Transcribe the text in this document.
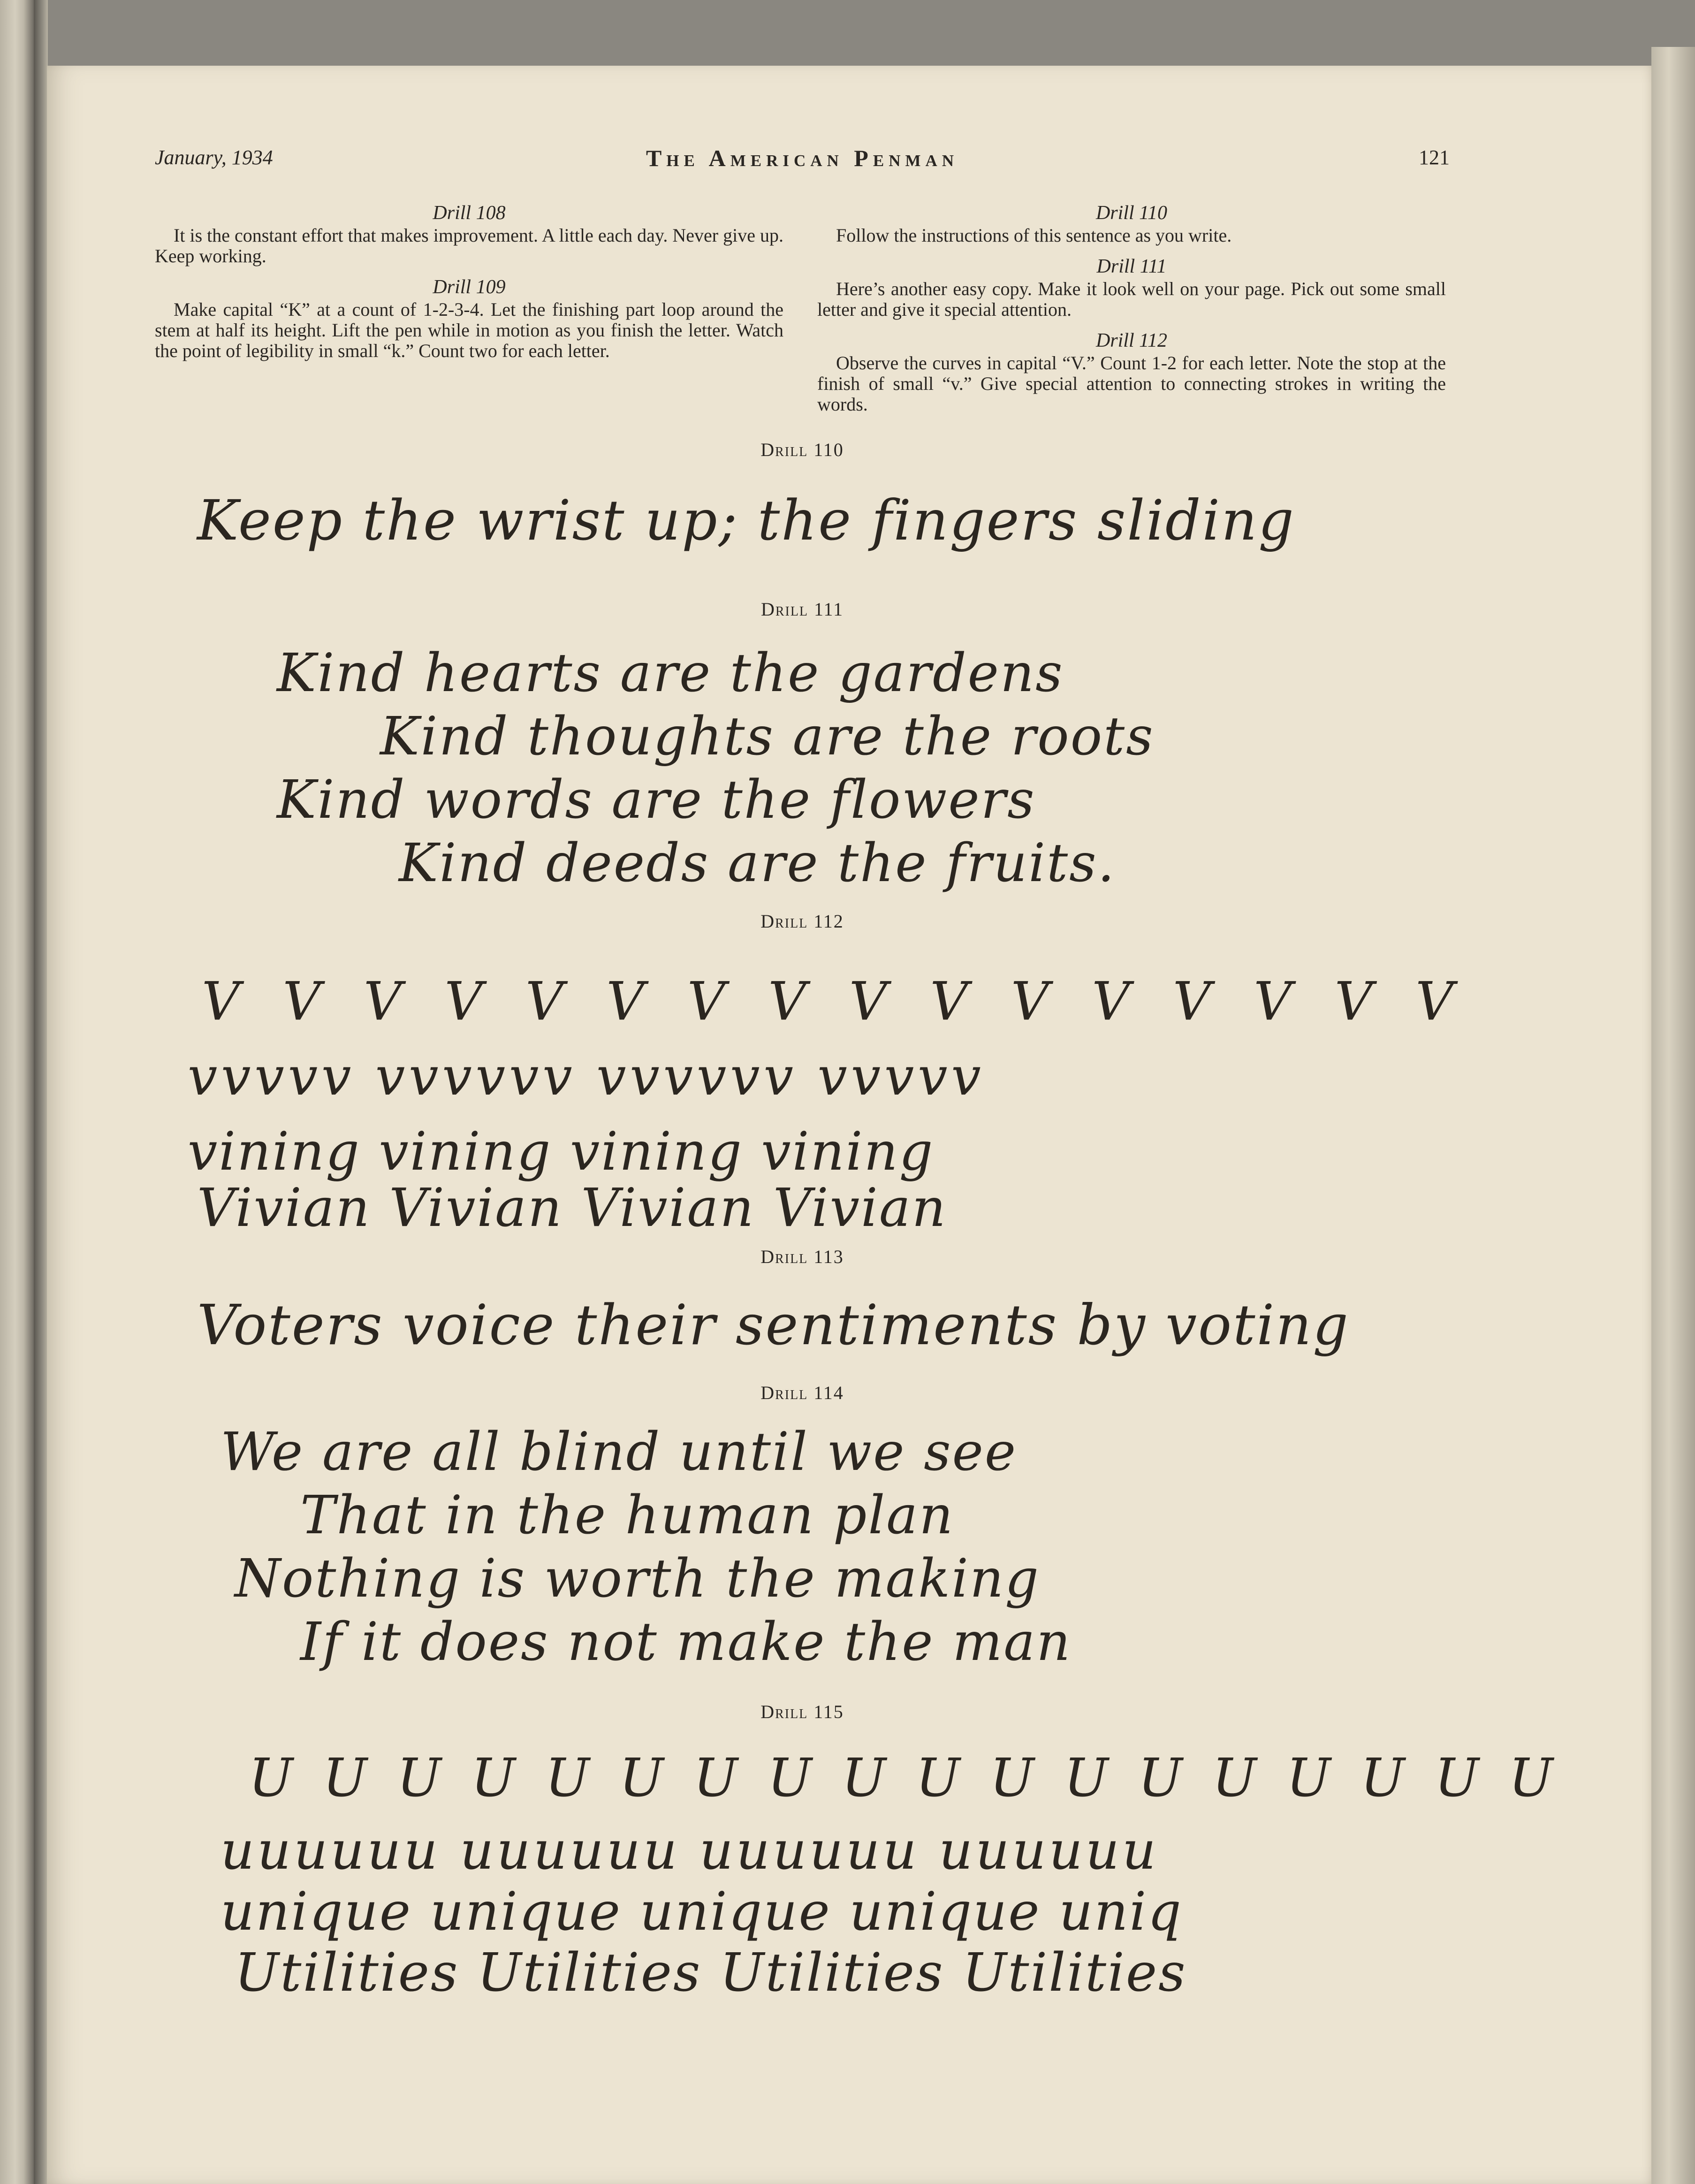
January, 1934	The American Penman	121
Drill 108
It is the constant effort that makes improvement. A little each day. Never give up. Keep working.
Drill 109
Make capital “K” at a count of 1-2-3-4. Let the finishing part loop around the stem at half its height. Lift the pen while in motion as you finish the letter. Watch the point of legibility in small “k.” Count two for each letter.
Drill 110
Follow the instructions of this sentence as you write.
Drill 111
Here’s another easy copy. Make it look well on your page. Pick out some small letter and give it special attention.
Drill 112
Observe the curves in capital “V.” Count 1-2 for each letter. Note the stop at the finish of small “v.” Give special attention to connecting strokes in writing the words.
Drill 110
Keep the wrist up; the fingers sliding
Drill 111
Kind hearts are the gardens
Kind thoughts are the roots
Kind words are the flowers
Kind deeds are the fruits.
Drill 112
V V V V V V V V V V V V V V V V
vvvvv vvvvvv vvvvvv vvvvv
vining vining vining vining
Vivian Vivian Vivian Vivian
Drill 113
Voters voice their sentiments by voting
Drill 114
We are all blind until we see
That in the human plan
Nothing is worth the making
If it does not make the man
Drill 115
U U U U U U U U U U U U U U U U U U
uuuuuu uuuuuu uuuuuu uuuuuu
unique unique unique unique uniq
Utilities Utilities Utilities Utilities
